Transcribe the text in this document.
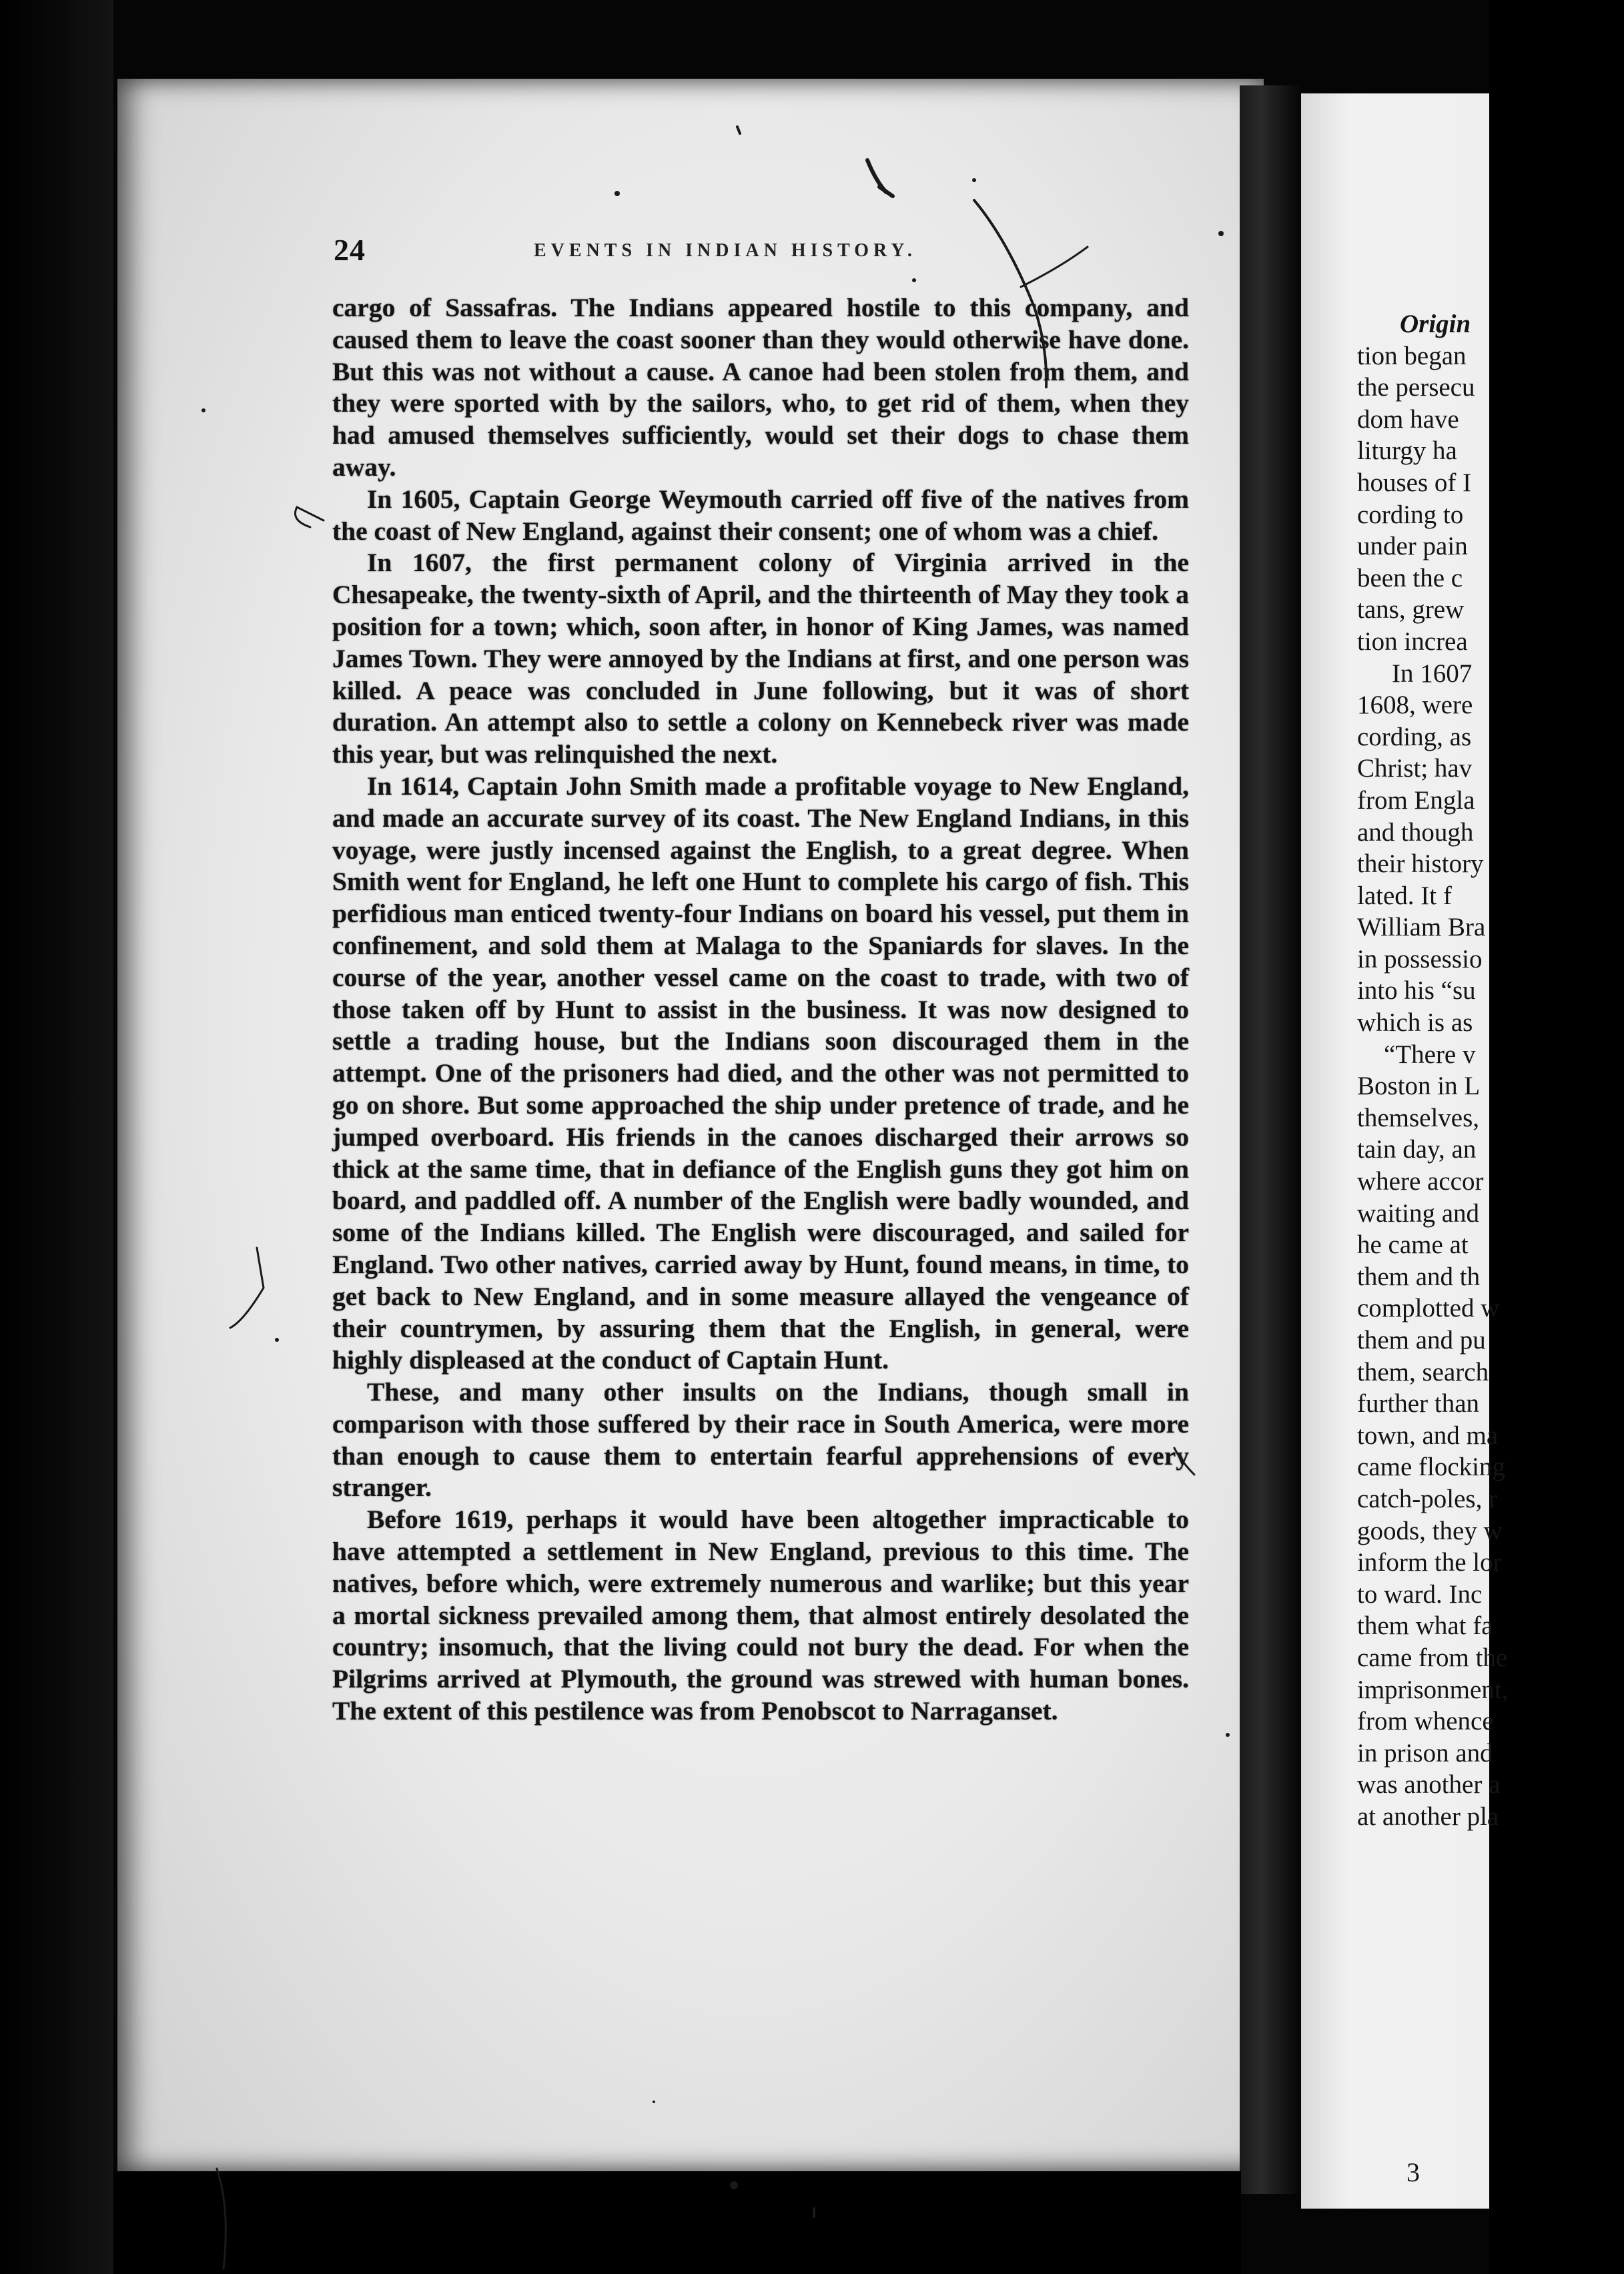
24	EVENTS IN INDIAN HISTORY.

cargo of Sassafras. The Indians appeared hostile to this company, and caused them to leave the coast sooner than they would otherwise have done. But this was not without a cause. A canoe had been stolen from them, and they were sported with by the sailors, who, to get rid of them, when they had amused themselves sufficiently, would set their dogs to chase them away.

In 1605, Captain George Weymouth carried off five of the natives from the coast of New England, against their consent; one of whom was a chief.

In 1607, the first permanent colony of Virginia arrived in the Chesapeake, the twenty-sixth of April, and the thirteenth of May they took a position for a town; which, soon after, in honor of King James, was named James Town. They were annoyed by the Indians at first, and one person was killed. A peace was concluded in June following, but it was of short duration. An attempt also to settle a colony on Kennebeck river was made this year, but was relinquished the next.

In 1614, Captain John Smith made a profitable voyage to New England, and made an accurate survey of its coast. The New England Indians, in this voyage, were justly incensed against the English, to a great degree. When Smith went for England, he left one Hunt to complete his cargo of fish. This perfidious man enticed twenty-four Indians on board his vessel, put them in confinement, and sold them at Malaga to the Spaniards for slaves. In the course of the year, another vessel came on the coast to trade, with two of those taken off by Hunt to assist in the business. It was now designed to settle a trading house, but the Indians soon discouraged them in the attempt. One of the prisoners had died, and the other was not permitted to go on shore. But some approached the ship under pretence of trade, and he jumped overboard. His friends in the canoes discharged their arrows so thick at the same time, that in defiance of the English guns they got him on board, and paddled off. A number of the English were badly wounded, and some of the Indians killed. The English were discouraged, and sailed for England. Two other natives, carried away by Hunt, found means, in time, to get back to New England, and in some measure allayed the vengeance of their countrymen, by assuring them that the English, in general, were highly displeased at the conduct of Captain Hunt.

These, and many other insults on the Indians, though small in comparison with those suffered by their race in South America, were more than enough to cause them to entertain fearful apprehensions of every stranger.

Before 1619, perhaps it would have been altogether impracticable to have attempted a settlement in New England, previous to this time. The natives, before which, were extremely numerous and warlike; but this year a mortal sickness prevailed among them, that almost entirely desolated the country; insomuch, that the living could not bury the dead. For when the Pilgrims arrived at Plymouth, the ground was strewed with human bones. The extent of this pestilence was from Penobscot to Narraganset.

Origin
tion began
the persecu
dom have
liturgy ha
houses of I
cording to
under pain
been the c
tans, grew
tion increa
In 1607
1608, were
cording, as
Christ; hav
from Engla
and though
their history
lated. It f
William Bra
in possessio
into his “su
which is as
“There v
Boston in L
themselves,
tain day, an
where accor
waiting and
he came at
them and th
complotted w
them and pu
them, search
further than
town, and ma
came flocking
catch-poles, r
goods, they w
inform the lor
to ward. Inc
them what fa
came from the
imprisonment,
from whence
in prison and
was another a
at another pla
3
